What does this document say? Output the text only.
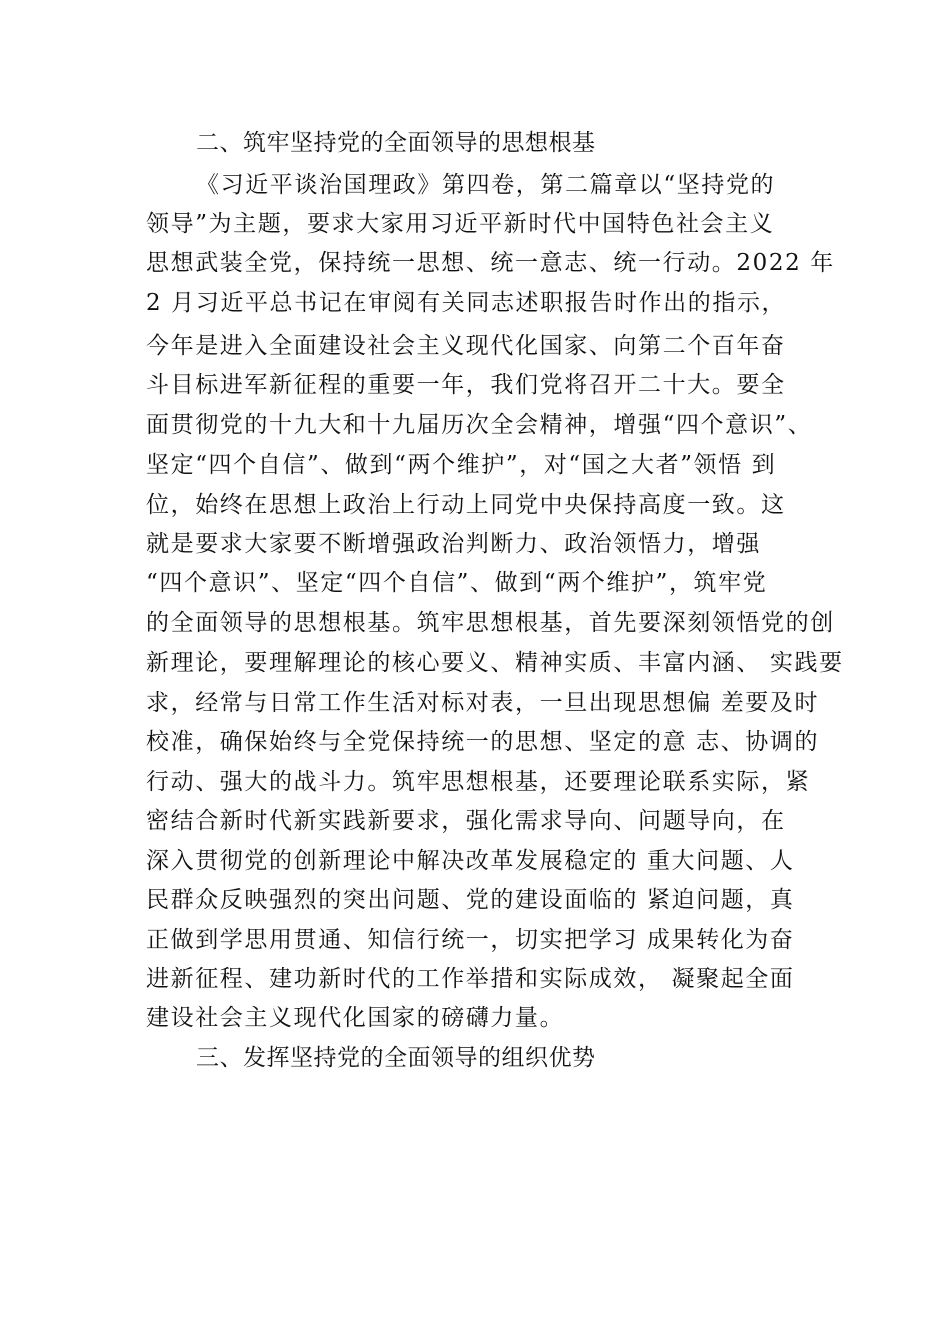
二、筑牢坚持党的全面领导的思想根基
《习近平谈治国理政》第四卷，第二篇章以“坚持党的
领导”为主题，要求大家用习近平新时代中国特色社会主义
思想武装全党，保持统一思想、统一意志、统一行动。2022 年
2 月习近平总书记在审阅有关同志述职报告时作出的指示，
今年是进入全面建设社会主义现代化国家、向第二个百年奋
斗目标进军新征程的重要一年，我们党将召开二十大。要全
面贯彻党的十九大和十九届历次全会精神，增强“四个意识”、
坚定“四个自信”、做到“两个维护”，对“国之大者”领悟 到
位，始终在思想上政治上行动上同党中央保持高度一致。这
就是要求大家要不断增强政治判断力、政治领悟力，增强
“四个意识”、坚定“四个自信”、做到“两个维护”，筑牢党
的全面领导的思想根基。筑牢思想根基，首先要深刻领悟党的创
新理论，要理解理论的核心要义、精神实质、丰富内涵、 实践要
求，经常与日常工作生活对标对表，一旦出现思想偏 差要及时
校准，确保始终与全党保持统一的思想、坚定的意 志、协调的
行动、强大的战斗力。筑牢思想根基，还要理论联系实际，紧
密结合新时代新实践新要求，强化需求导向、问题导向，在
深入贯彻党的创新理论中解决改革发展稳定的 重大问题、人
民群众反映强烈的突出问题、党的建设面临的 紧迫问题，真
正做到学思用贯通、知信行统一，切实把学习 成果转化为奋
进新征程、建功新时代的工作举措和实际成效， 凝聚起全面
建设社会主义现代化国家的磅礴力量。
三、发挥坚持党的全面领导的组织优势
